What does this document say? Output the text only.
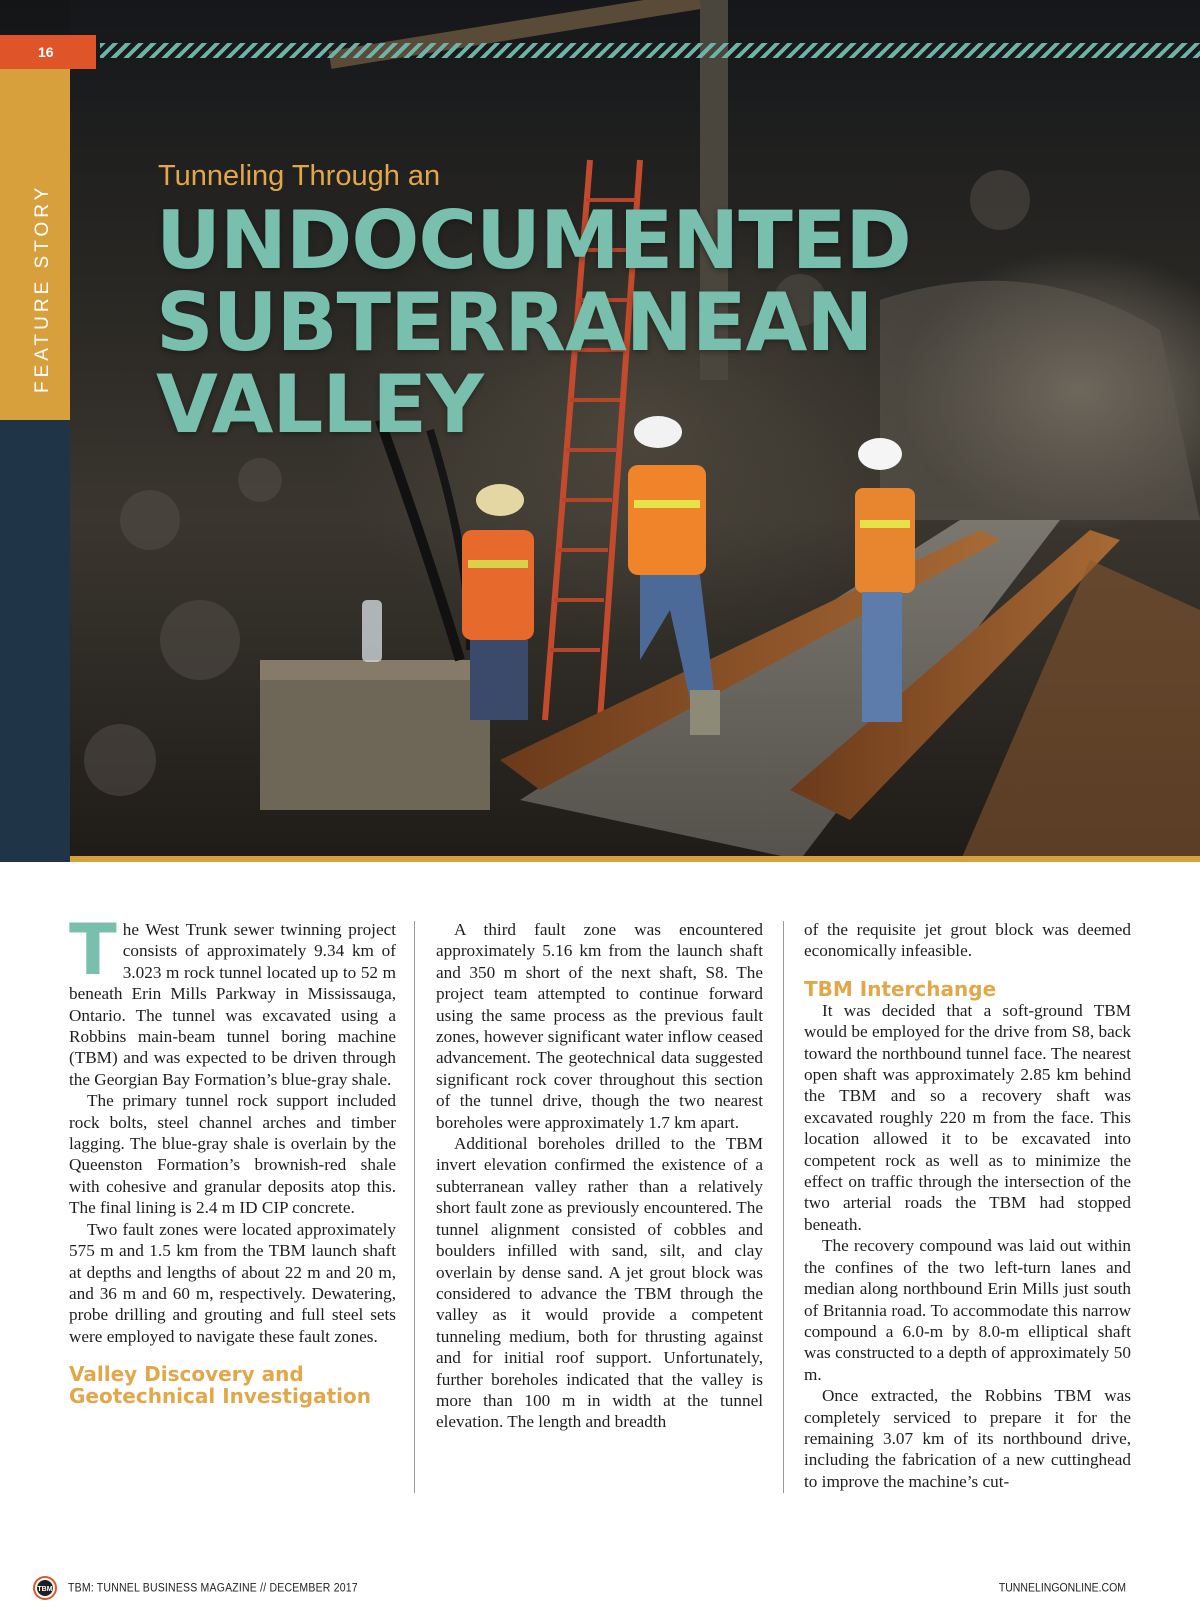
16
FEATURE STORY
Tunneling Through an
UNDOCUMENTED
SUBTERRANEAN
VALLEY

The West Trunk sewer twinning project consists of approximately 9.34 km of 3.023 m rock tunnel located up to 52 m beneath Erin Mills Parkway in Mississauga, Ontario. The tunnel was excavated using a Robbins main-beam tunnel boring machine (TBM) and was expected to be driven through the Georgian Bay Formation’s blue-gray shale.

The primary tunnel rock support included rock bolts, steel channel arches and timber lagging. The blue-gray shale is overlain by the Queenston Formation’s brownish-red shale with cohesive and granular deposits atop this. The final lining is 2.4 m ID CIP concrete.

Two fault zones were located approximately 575 m and 1.5 km from the TBM launch shaft at depths and lengths of about 22 m and 20 m, and 36 m and 60 m, respectively. Dewatering, probe drilling and grouting and full steel sets were employed to navigate these fault zones.

Valley Discovery and Geotechnical Investigation

A third fault zone was encountered approximately 5.16 km from the launch shaft and 350 m short of the next shaft, S8. The project team attempted to continue forward using the same process as the previous fault zones, however significant water inflow ceased advancement. The geotechnical data suggested significant rock cover throughout this section of the tunnel drive, though the two nearest boreholes were approximately 1.7 km apart.

Additional boreholes drilled to the TBM invert elevation confirmed the existence of a subterranean valley rather than a relatively short fault zone as previously encountered. The tunnel alignment consisted of cobbles and boulders infilled with sand, silt, and clay overlain by dense sand. A jet grout block was considered to advance the TBM through the valley as it would provide a competent tunneling medium, both for thrusting against and for initial roof support. Unfortunately, further boreholes indicated that the valley is more than 100 m in width at the tunnel elevation. The length and breadth

of the requisite jet grout block was deemed economically infeasible.

TBM Interchange

It was decided that a soft-ground TBM would be employed for the drive from S8, back toward the northbound tunnel face. The nearest open shaft was approximately 2.85 km behind the TBM and so a recovery shaft was excavated roughly 220 m from the face. This location allowed it to be excavated into competent rock as well as to minimize the effect on traffic through the intersection of the two arterial roads the TBM had stopped beneath.

The recovery compound was laid out within the confines of the two left-turn lanes and median along northbound Erin Mills just south of Britannia road. To accommodate this narrow compound a 6.0-m by 8.0-m elliptical shaft was constructed to a depth of approximately 50 m.

Once extracted, the Robbins TBM was completely serviced to prepare it for the remaining 3.07 km of its northbound drive, including the fabrication of a new cuttinghead to improve the machine’s cut-

TBM TBM: TUNNEL BUSINESS MAGAZINE // DECEMBER 2017	TUNNELINGONLINE.COM
